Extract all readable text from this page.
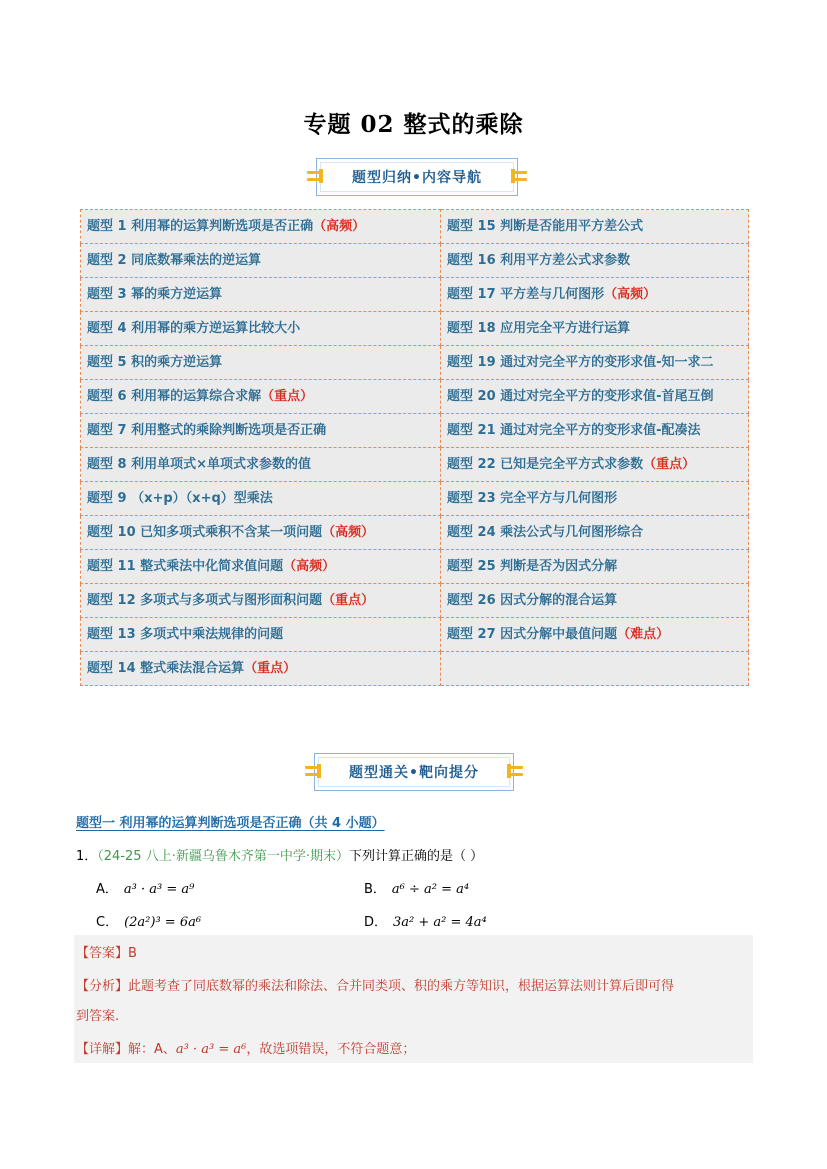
专题 02 整式的乘除
题型归纳•内容导航
题型 1 利用幂的运算判断选项是否正确（高频）	题型 15 判断是否能用平方差公式
题型 2 同底数幂乘法的逆运算	题型 16 利用平方差公式求参数
题型 3 幂的乘方逆运算	题型 17 平方差与几何图形（高频）
题型 4 利用幂的乘方逆运算比较大小	题型 18 应用完全平方进行运算
题型 5 积的乘方逆运算	题型 19 通过对完全平方的变形求值-知一求二
题型 6 利用幂的运算综合求解（重点）	题型 20 通过对完全平方的变形求值-首尾互倒
题型 7 利用整式的乘除判断选项是否正确	题型 21 通过对完全平方的变形求值-配凑法
题型 8 利用单项式×单项式求参数的值	题型 22 已知是完全平方式求参数（重点）
题型 9 （x+p）（x+q）型乘法	题型 23 完全平方与几何图形
题型 10 已知多项式乘积不含某一项问题（高频）	题型 24 乘法公式与几何图形综合
题型 11 整式乘法中化简求值问题（高频）	题型 25 判断是否为因式分解
题型 12 多项式与多项式与图形面积问题（重点）	题型 26 因式分解的混合运算
题型 13 多项式中乘法规律的问题	题型 27 因式分解中最值问题（难点）
题型 14 整式乘法混合运算（重点）	
题型通关•靶向提分
题型一 利用幂的运算判断选项是否正确（共 4 小题）
1．（24-25 八上·新疆乌鲁木齐第一中学·期末）下列计算正确的是（ ）
A． a³ · a³ = a⁹	B． a⁶ ÷ a² = a⁴
C． (2a²)³ = 6a⁶	D． 3a² + a² = 4a⁴
【答案】B
【分析】此题考查了同底数幂的乘法和除法、合并同类项、积的乘方等知识，根据运算法则计算后即可得
到答案.
【详解】解：A、a³ · a³ = a⁶，故选项错误，不符合题意；
